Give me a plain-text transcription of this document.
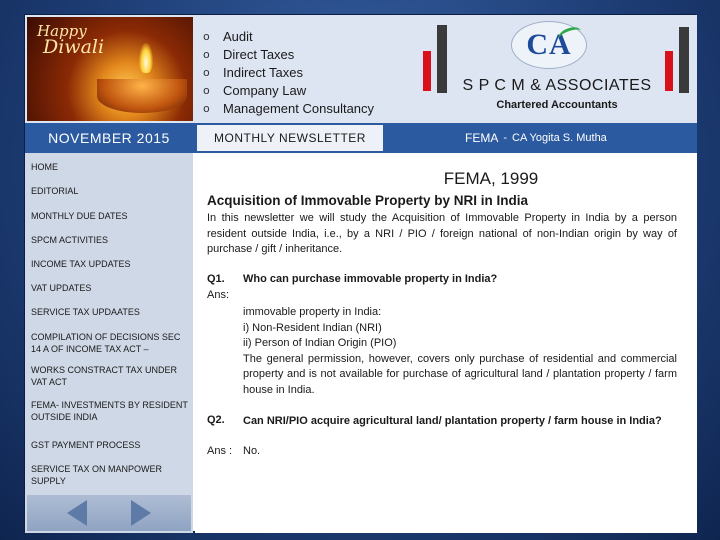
Happy
Diwali	o	Audit
o	Direct Taxes
o	Indirect Taxes
o	Company Law
o	Management Consultancy
CA
S P C M & ASSOCIATES
Chartered Accountants
NOVEMBER 2015	MONTHLY NEWSLETTER	FEMA - CA Yogita S. Mutha
HOME
EDITORIAL
MONTHLY DUE DATES
SPCM ACTIVITIES
INCOME TAX UPDATES
VAT UPDATES
SERVICE TAX UPDAATES
COMPILATION OF DECISIONS SEC 14 A OF INCOME TAX ACT –
WORKS CONSTRACT TAX UNDER VAT ACT
FEMA- INVESTMENTS BY RESIDENT OUTSIDE INDIA
GST PAYMENT PROCESS
SERVICE TAX ON MANPOWER SUPPLY
FEMA, 1999
Acquisition of Immovable Property by NRI in India
In this newsletter we will study the Acquisition of Immovable Property in India by a person resident outside India, i.e., by a NRI / PIO / foreign national of non-Indian origin by way of purchase / gift / inheritance.
Q1. Who can purchase immovable property in India?
Ans:
immovable property in India:
i) Non-Resident Indian (NRI)
ii) Person of Indian Origin (PIO)
The general permission, however, covers only purchase of residential and commercial property and is not available for purchase of agricultural land / plantation property / farm house in India.
Q2. Can NRI/PIO acquire agricultural land/ plantation property / farm house in India?
Ans : No.
